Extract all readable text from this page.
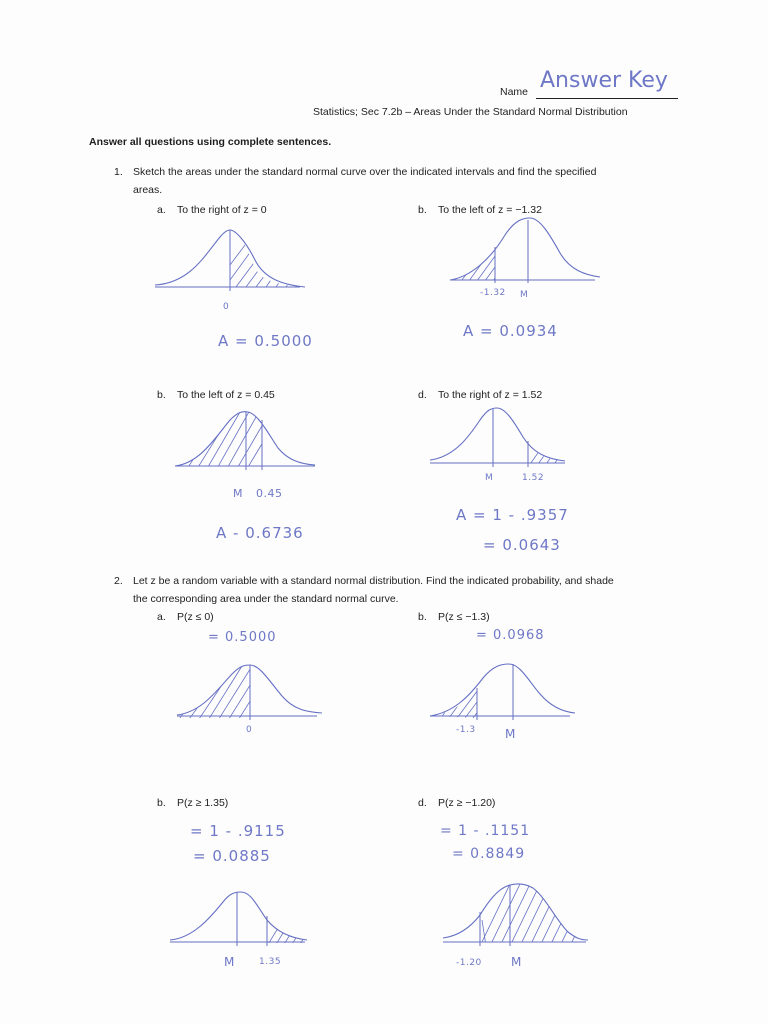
Name Answer Key
Statistics; Sec 7.2b – Areas Under the Standard Normal Distribution
Answer all questions using complete sentences.
1. Sketch the areas under the standard normal curve over the indicated intervals and find the specified
areas.
a. To the right of z = 0
0
A = 0.5000
b. To the left of z = −1.32
-1.32 M
A = 0.0934
b. To the left of z = 0.45
M 0.45
A - 0.6736
d. To the right of z = 1.52
M	1.52
A = 1 - .9357
= 0.0643
2. Let z be a random variable with a standard normal distribution. Find the indicated probability, and shade
the corresponding area under the standard normal curve.
a. P(z ≤ 0)
= 0.5000
0
b. P(z ≤ −1.3)
= 0.0968
-1.3 M
b. P(z ≥ 1.35)
= 1 - .9115
= 0.0885
M	1.35
d. P(z ≥ −1.20)
= 1 - .1151
= 0.8849
-1.20 M
